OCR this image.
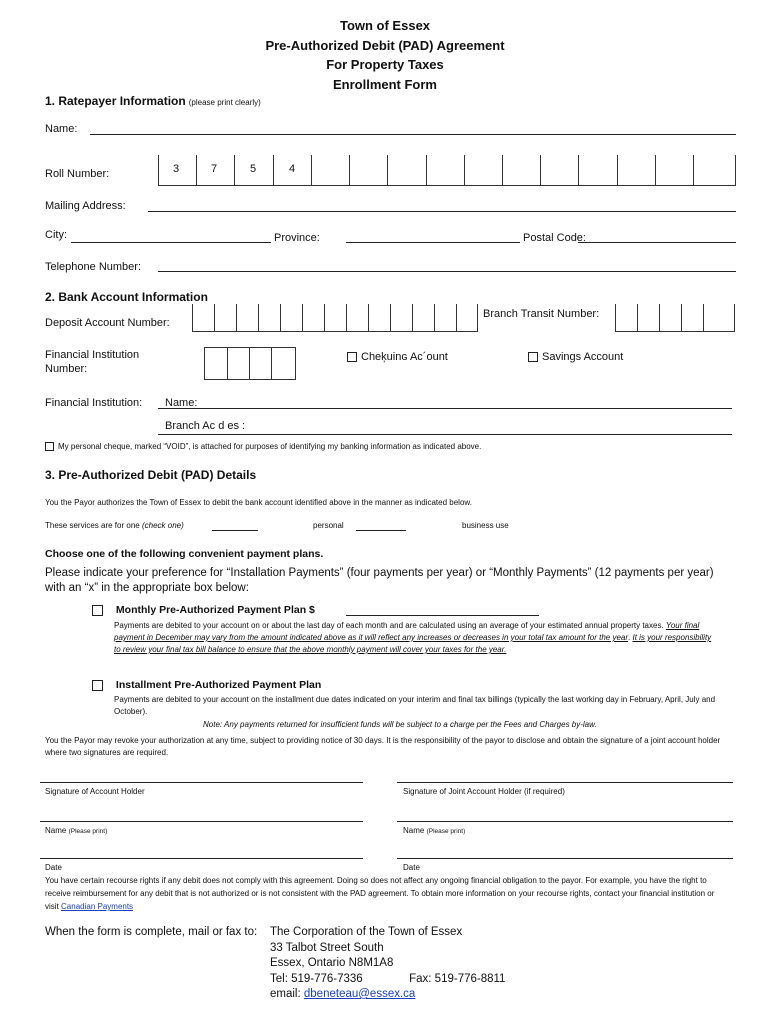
Town of Essex
Pre-Authorized Debit (PAD) Agreement
For Property Taxes
Enrollment Form
1. Ratepayer Information (please print clearly)
Name:
Roll Number:	3	7	5	4
Mailing Address:
City:	Province:	Postal Code:
Telephone Number:
2. Bank Account Information
Deposit Account Number:
Branch Transit Number:
Financial Institution Number:
Cheķuinɢ Ac´ount	Savings Account
Financial Institution: Name:
Branch Ac d es :
My personal cheque, marked “VOID”, is attached for purposes of identifying my banking information as indicated above.
3. Pre-Authorized Debit (PAD) Details
You the Payor authorizes the Town of Essex to debit the bank account identified above in the manner as indicated below.
These services are for one (check one)	personal	business use
Choose one of the following convenient payment plans.
Please indicate your preference for “Installation Payments” (four payments per year) or “Monthly Payments” (12 payments per year) with an “x” in the appropriate box below:
Monthly Pre-Authorized Payment Plan $
Payments are debited to your account on or about the last day of each month and are calculated using an average of your estimated annual property taxes. Your final payment in December may vary from the amount indicated above as it will reflect any increases or decreases in your total tax amount for the year. It is your responsibility to review your final tax bill balance to ensure that the above monthly payment will cover your taxes for the year.
Installment Pre-Authorized Payment Plan
Payments are debited to your account on the installment due dates indicated on your interim and final tax billings (typically the last working day in February, April, July and October).
Note: Any payments returned for insufficient funds will be subject to a charge per the Fees and Charges by-law.
You the Payor may revoke your authorization at any time, subject to providing notice of 30 days. It is the responsibility of the payor to disclose and obtain the signature of a joint account holder where two signatures are required.
Signature of Account Holder	Signature of Joint Account Holder (if required)
Name (Please print)	Name (Please print)
Date	Date
You have certain recourse rights if any debit does not comply with this agreement. Doing so does not affect any ongoing financial obligation to the payor. For example, you have the right to receive reimbursement for any debit that is not authorized or is not consistent with the PAD agreement. To obtain more information on your recourse rights, contact your financial institution or visit Canadian Payments
When the form is complete, mail or fax to: The Corporation of the Town of Essex
33 Talbot Street South
Essex, Ontario N8M1A8
Tel: 519-776-7336	Fax: 519-776-8811
email: dbeneteau@essex.ca
